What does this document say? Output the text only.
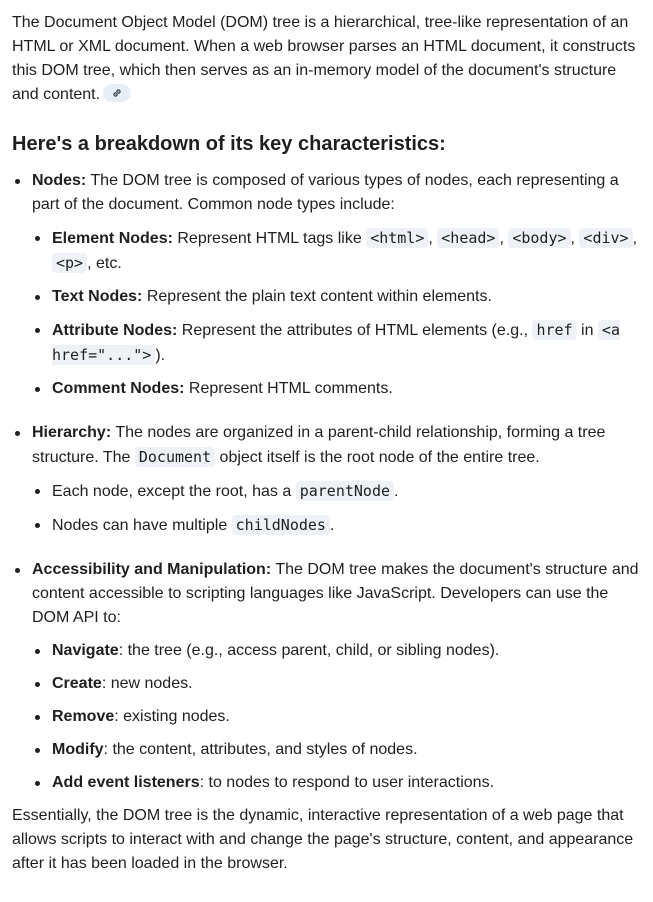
The Document Object Model (DOM) tree is a hierarchical, tree-like representation of an HTML or XML document. When a web browser parses an HTML document, it constructs this DOM tree, which then serves as an in-memory model of the document's structure and content.

Here's a breakdown of its key characteristics:
Nodes: The DOM tree is composed of various types of nodes, each representing a part of the document. Common node types include:
Element Nodes: Represent HTML tags like <html> , <head> , <body> , <div> , <p> , etc.
Text Nodes: Represent the plain text content within elements.
Attribute Nodes: Represent the attributes of HTML elements (e.g., href in <a href="..."> ).
Comment Nodes: Represent HTML comments.
Hierarchy: The nodes are organized in a parent-child relationship, forming a tree structure. The Document object itself is the root node of the entire tree.
Each node, except the root, has a parentNode .
Nodes can have multiple childNodes .
Accessibility and Manipulation: The DOM tree makes the document's structure and content accessible to scripting languages like JavaScript. Developers can use the DOM API to:
Navigate: the tree (e.g., access parent, child, or sibling nodes).
Create: new nodes.
Remove: existing nodes.
Modify: the content, attributes, and styles of nodes.
Add event listeners: to nodes to respond to user interactions.

Essentially, the DOM tree is the dynamic, interactive representation of a web page that allows scripts to interact with and change the page's structure, content, and appearance after it has been loaded in the browser.
